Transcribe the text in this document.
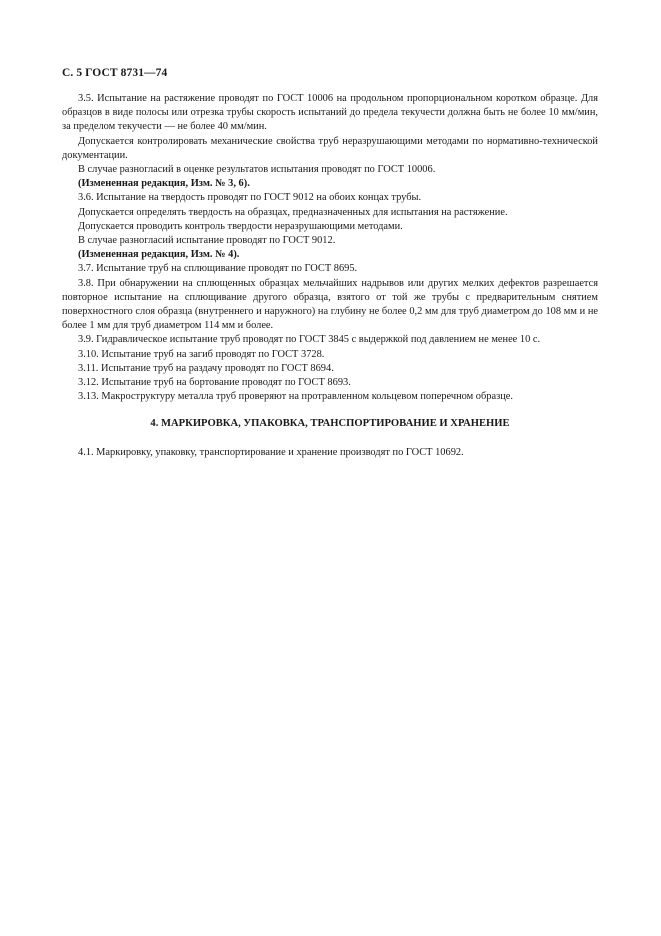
С. 5 ГОСТ 8731—74

3.5. Испытание на растяжение проводят по ГОСТ 10006 на продольном пропорциональном коротком образце. Для образцов в виде полосы или отрезка трубы скорость испытаний до предела текучести должна быть не более 10 мм/мин, за пределом текучести — не более 40 мм/мин.

Допускается контролировать механические свойства труб неразрушающими методами по нормативно-технической документации.

В случае разногласий в оценке результатов испытания проводят по ГОСТ 10006.

(Измененная редакция, Изм. № 3, 6).

3.6. Испытание на твердость проводят по ГОСТ 9012 на обоих концах трубы.

Допускается определять твердость на образцах, предназначенных для испытания на растяжение.

Допускается проводить контроль твердости неразрушающими методами.

В случае разногласий испытание проводят по ГОСТ 9012.

(Измененная редакция, Изм. № 4).

3.7. Испытание труб на сплющивание проводят по ГОСТ 8695.

3.8. При обнаружении на сплющенных образцах мельчайших надрывов или других мелких дефектов разрешается повторное испытание на сплющивание другого образца, взятого от той же трубы с предварительным снятием поверхностного слоя образца (внутреннего и наружного) на глубину не более 0,2 мм для труб диаметром до 108 мм и не более 1 мм для труб диаметром 114 мм и более.

3.9. Гидравлическое испытание труб проводят по ГОСТ 3845 с выдержкой под давлением не менее 10 с.

3.10. Испытание труб на загиб проводят по ГОСТ 3728.

3.11. Испытание труб на раздачу проводят по ГОСТ 8694.

3.12. Испытание труб на бортование проводят по ГОСТ 8693.

3.13. Макроструктуру металла труб проверяют на протравленном кольцевом поперечном образце.

4. МАРКИРОВКА, УПАКОВКА, ТРАНСПОРТИРОВАНИЕ И ХРАНЕНИЕ

4.1. Маркировку, упаковку, транспортирование и хранение производят по ГОСТ 10692.
